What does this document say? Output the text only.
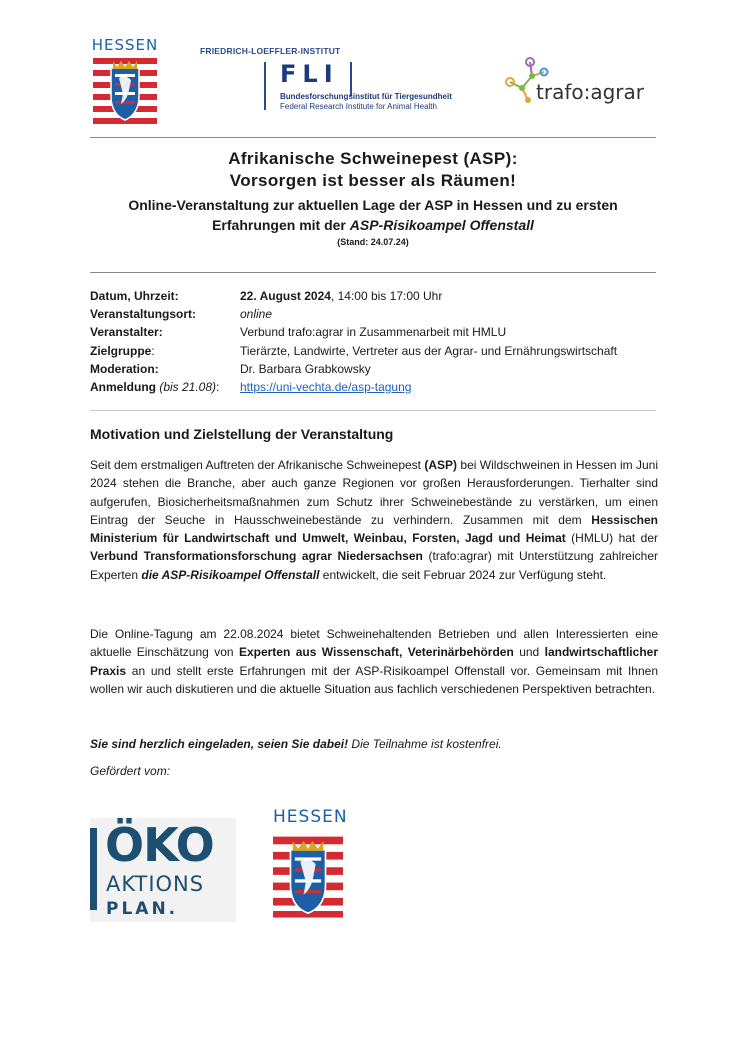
HESSEN	FRIEDRICH-LOEFFLER-INSTITUT
FLI
Bundesforschungsinstitut für Tiergesundheit
Federal Research Institute for Animal Health
trafo:agrar
Afrikanische Schweinepest (ASP):
Vorsorgen ist besser als Räumen!
Online-Veranstaltung zur aktuellen Lage der ASP in Hessen und zu ersten
Erfahrungen mit der ASP-Risikoampel Offenstall
(Stand: 24.07.24)
Datum, Uhrzeit:	22. August 2024, 14:00 bis 17:00 Uhr
Veranstaltungsort:	online
Veranstalter:	Verbund trafo:agrar in Zusammenarbeit mit HMLU
Zielgruppe:	Tierärzte, Landwirte, Vertreter aus der Agrar- und Ernährungswirtschaft
Moderation:	Dr. Barbara Grabkowsky
Anmeldung (bis 21.08):	https://uni-vechta.de/asp-tagung
Motivation und Zielstellung der Veranstaltung
Seit dem erstmaligen Auftreten der Afrikanische Schweinepest (ASP) bei Wildschweinen in Hessen im Juni 2024 stehen die Branche, aber auch ganze Regionen vor großen Herausforderungen. Tierhalter sind aufgerufen, Biosicherheitsmaßnahmen zum Schutz ihrer Schweinebestände zu verstärken, um einen Eintrag der Seuche in Hausschweinebestände zu verhindern. Zusammen mit dem Hessischen Ministerium für Landwirtschaft und Umwelt, Weinbau, Forsten, Jagd und Heimat (HMLU) hat der Verbund Transformationsforschung agrar Niedersachsen (trafo:agrar) mit Unterstützung zahlreicher Experten die ASP-Risikoampel Offenstall entwickelt, die seit Februar 2024 zur Verfügung steht.
Die Online-Tagung am 22.08.2024 bietet Schweinehaltenden Betrieben und allen Interessierten eine aktuelle Einschätzung von Experten aus Wissenschaft, Veterinärbehörden und landwirtschaftlicher Praxis an und stellt erste Erfahrungen mit der ASP-Risikoampel Offenstall vor. Gemeinsam mit Ihnen wollen wir auch diskutieren und die aktuelle Situation aus fachlich verschiedenen Perspektiven betrachten.
Sie sind herzlich eingeladen, seien Sie dabei! Die Teilnahme ist kostenfrei.
Gefördert vom:
ÖKO
AKTIONS
PLAN.
HESSEN
